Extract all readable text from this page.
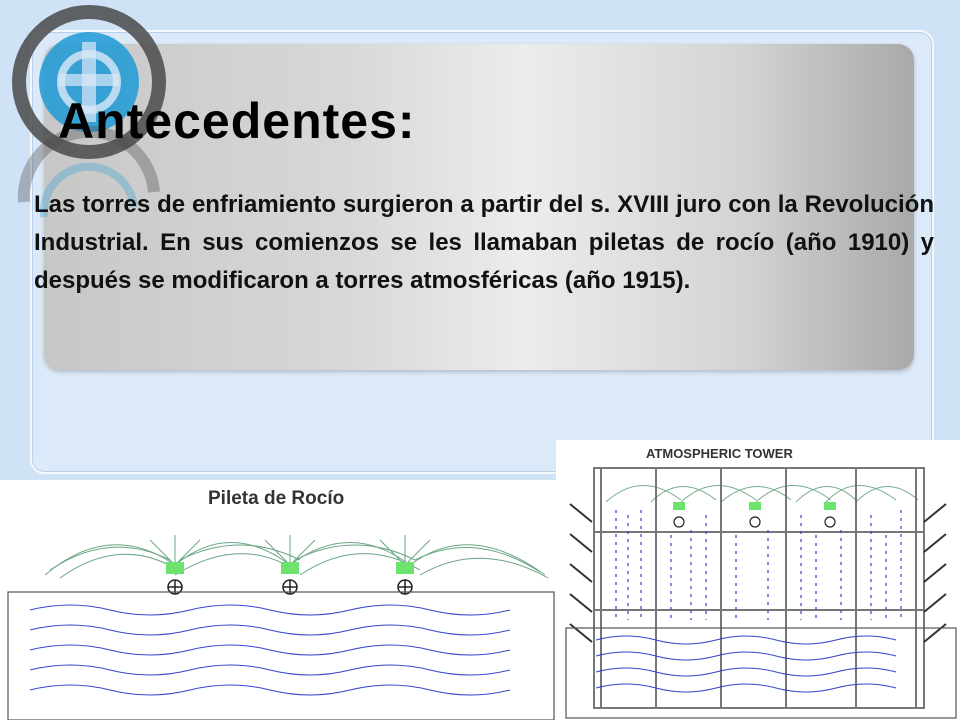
Antecedentes:

Las torres de enfriamiento surgieron a partir del s. XVIII juro con la Revolución Industrial. En sus comienzos se les llamaban piletas de rocío (año 1910) y después se modificaron a torres atmosféricas (año 1915).

Pileta de Rocío

ATMOSPHERIC TOWER
